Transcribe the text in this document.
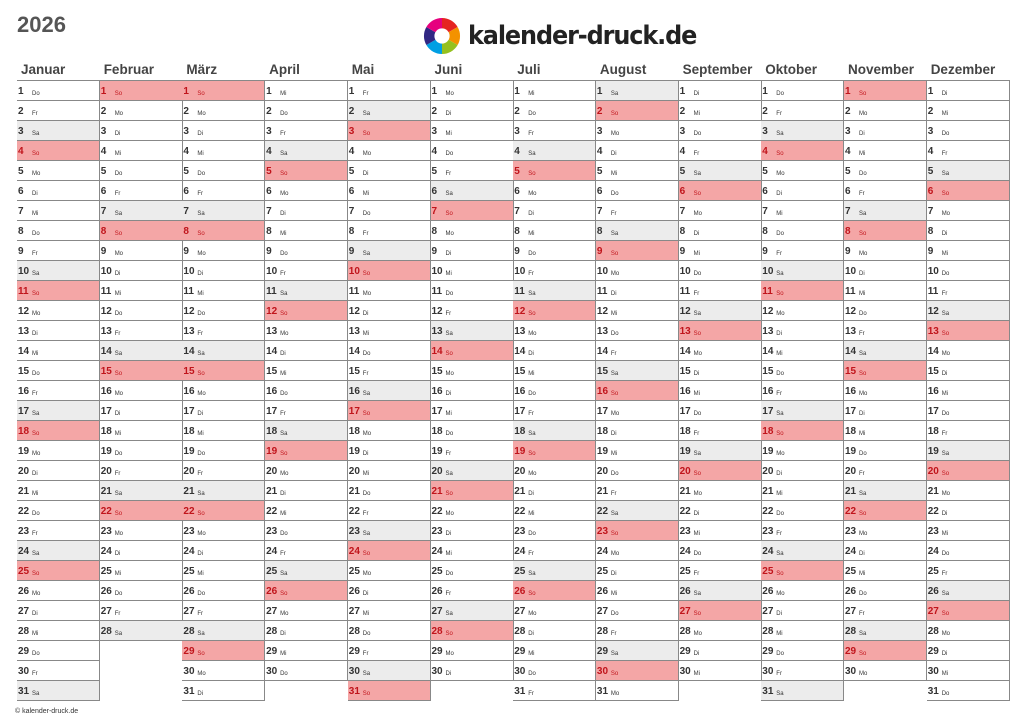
2026	kalender-druck.de
Januar
1	Do
2	Fr
3	Sa
4	So
5	Mo
6	Di
7	Mi
8	Do
9	Fr
10 Sa
11 So
12 Mo
13 Di
14 Mi
15 Do
16 Fr
17 Sa
18 So
19 Mo
20 Di
21 Mi
22 Do
23 Fr
24 Sa
25 So
26 Mo
27 Di
28 Mi
29 Do
30 Fr
31 Sa
Februar
1	So
2	Mo
3	Di
4	Mi
5	Do
6	Fr
7	Sa
8	So
9	Mo
10 Di
11 Mi
12 Do
13 Fr
14 Sa
15 So
16 Mo
17 Di
18 Mi
19 Do
20 Fr
21 Sa
22 So
23 Mo
24 Di
25 Mi
26 Do
27 Fr
28 Sa
März
1	So
2	Mo
3	Di
4	Mi
5	Do
6	Fr
7	Sa
8	So
9	Mo
10 Di
11 Mi
12 Do
13 Fr
14 Sa
15 So
16 Mo
17 Di
18 Mi
19 Do
20 Fr
21 Sa
22 So
23 Mo
24 Di
25 Mi
26 Do
27 Fr
28 Sa
29 So
30 Mo
31 Di
April
1	Mi
2	Do
3	Fr
4	Sa
5	So
6	Mo
7	Di
8	Mi
9	Do
10 Fr
11 Sa
12 So
13 Mo
14 Di
15 Mi
16 Do
17 Fr
18 Sa
19 So
20 Mo
21 Di
22 Mi
23 Do
24 Fr
25 Sa
26 So
27 Mo
28 Di
29 Mi
30 Do
Mai
1	Fr
2	Sa
3	So
4	Mo
5	Di
6	Mi
7	Do
8	Fr
9	Sa
10 So
11 Mo
12 Di
13 Mi
14 Do
15 Fr
16 Sa
17 So
18 Mo
19 Di
20 Mi
21 Do
22 Fr
23 Sa
24 So
25 Mo
26 Di
27 Mi
28 Do
29 Fr
30 Sa
31 So
Juni
1	Mo
2	Di
3	Mi
4	Do
5	Fr
6	Sa
7	So
8	Mo
9	Di
10 Mi
11 Do
12 Fr
13 Sa
14 So
15 Mo
16 Di
17 Mi
18 Do
19 Fr
20 Sa
21 So
22 Mo
23 Di
24 Mi
25 Do
26 Fr
27 Sa
28 So
29 Mo
30 Di
Juli
1	Mi
2	Do
3	Fr
4	Sa
5	So
6	Mo
7	Di
8	Mi
9	Do
10 Fr
11 Sa
12 So
13 Mo
14 Di
15 Mi
16 Do
17 Fr
18 Sa
19 So
20 Mo
21 Di
22 Mi
23 Do
24 Fr
25 Sa
26 So
27 Mo
28 Di
29 Mi
30 Do
31 Fr
August
1	Sa
2	So
3	Mo
4	Di
5	Mi
6	Do
7	Fr
8	Sa
9	So
10 Mo
11 Di
12 Mi
13 Do
14 Fr
15 Sa
16 So
17 Mo
18 Di
19 Mi
20 Do
21 Fr
22 Sa
23 So
24 Mo
25 Di
26 Mi
27 Do
28 Fr
29 Sa
30 So
31 Mo
September
1	Di
2	Mi
3	Do
4	Fr
5	Sa
6	So
7	Mo
8	Di
9	Mi
10 Do
11 Fr
12 Sa
13 So
14 Mo
15 Di
16 Mi
17 Do
18 Fr
19 Sa
20 So
21 Mo
22 Di
23 Mi
24 Do
25 Fr
26 Sa
27 So
28 Mo
29 Di
30 Mi
Oktober
1	Do
2	Fr
3	Sa
4	So
5	Mo
6	Di
7	Mi
8	Do
9	Fr
10 Sa
11 So
12 Mo
13 Di
14 Mi
15 Do
16 Fr
17 Sa
18 So
19 Mo
20 Di
21 Mi
22 Do
23 Fr
24 Sa
25 So
26 Mo
27 Di
28 Mi
29 Do
30 Fr
31 Sa
November
1	So
2	Mo
3	Di
4	Mi
5	Do
6	Fr
7	Sa
8	So
9	Mo
10 Di
11 Mi
12 Do
13 Fr
14 Sa
15 So
16 Mo
17 Di
18 Mi
19 Do
20 Fr
21 Sa
22 So
23 Mo
24 Di
25 Mi
26 Do
27 Fr
28 Sa
29 So
30 Mo
Dezember
1	Di
2	Mi
3	Do
4	Fr
5	Sa
6	So
7	Mo
8	Di
9	Mi
10 Do
11 Fr
12 Sa
13 So
14 Mo
15 Di
16 Mi
17 Do
18 Fr
19 Sa
20 So
21 Mo
22 Di
23 Mi
24 Do
25 Fr
26 Sa
27 So
28 Mo
29 Di
30 Mi
31 Do
© kalender-druck.de
